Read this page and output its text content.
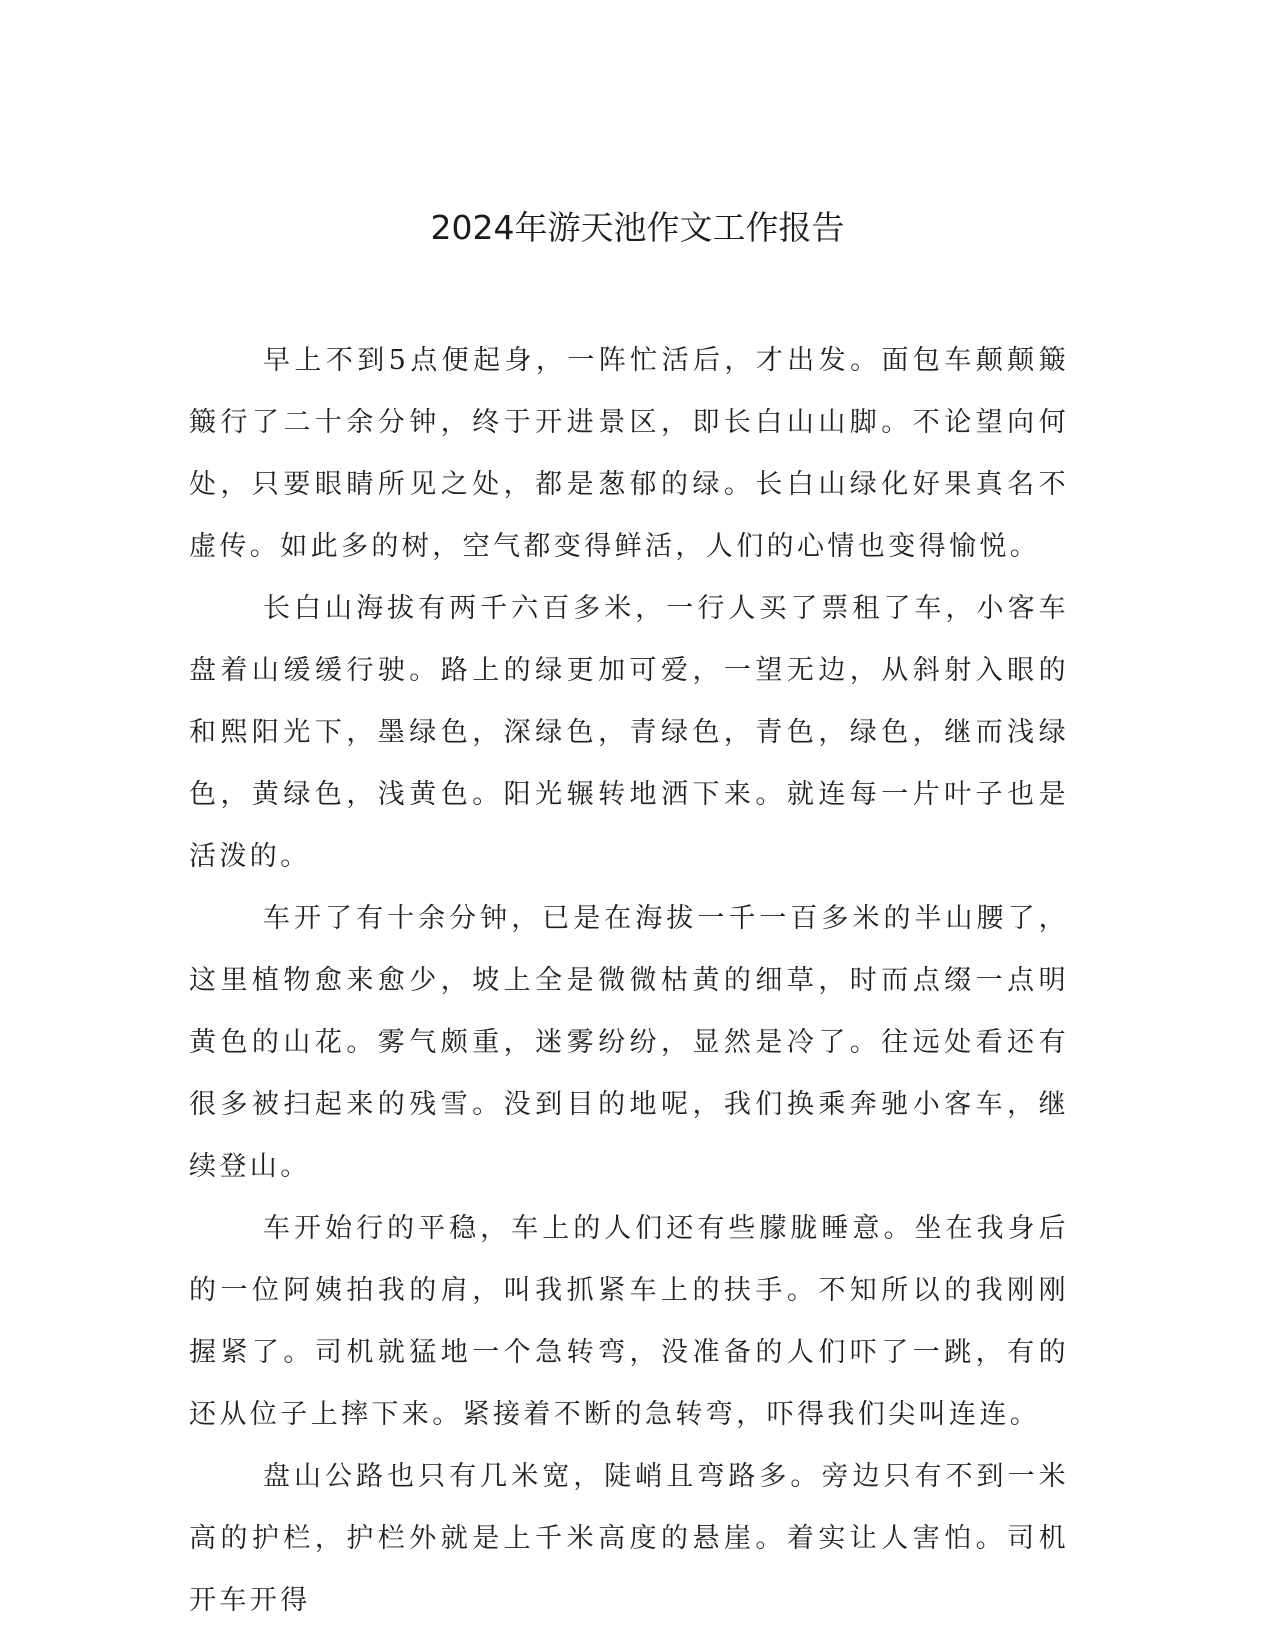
2024年游天池作文工作报告

早上不到5点便起身，一阵忙活后，才出发。面包车颠颠簸簸行了二十余分钟，终于开进景区，即长白山山脚。不论望向何处，只要眼睛所见之处，都是葱郁的绿。长白山绿化好果真名不虚传。如此多的树，空气都变得鲜活，人们的心情也变得愉悦。

长白山海拔有两千六百多米，一行人买了票租了车，小客车盘着山缓缓行驶。路上的绿更加可爱，一望无边，从斜射入眼的和熙阳光下，墨绿色，深绿色，青绿色，青色，绿色，继而浅绿色，黄绿色，浅黄色。阳光辗转地洒下来。就连每一片叶子也是活泼的。

车开了有十余分钟，已是在海拔一千一百多米的半山腰了，这里植物愈来愈少，坡上全是微微枯黄的细草，时而点缀一点明黄色的山花。雾气颇重，迷雾纷纷，显然是冷了。往远处看还有很多被扫起来的残雪。没到目的地呢，我们换乘奔驰小客车，继续登山。

车开始行的平稳，车上的人们还有些朦胧睡意。坐在我身后的一位阿姨拍我的肩，叫我抓紧车上的扶手。不知所以的我刚刚握紧了。司机就猛地一个急转弯，没准备的人们吓了一跳，有的还从位子上摔下来。紧接着不断的急转弯，吓得我们尖叫连连。

盘山公路也只有几米宽，陡峭且弯路多。旁边只有不到一米高的护栏，护栏外就是上千米高度的悬崖。着实让人害怕。司机开车开得
